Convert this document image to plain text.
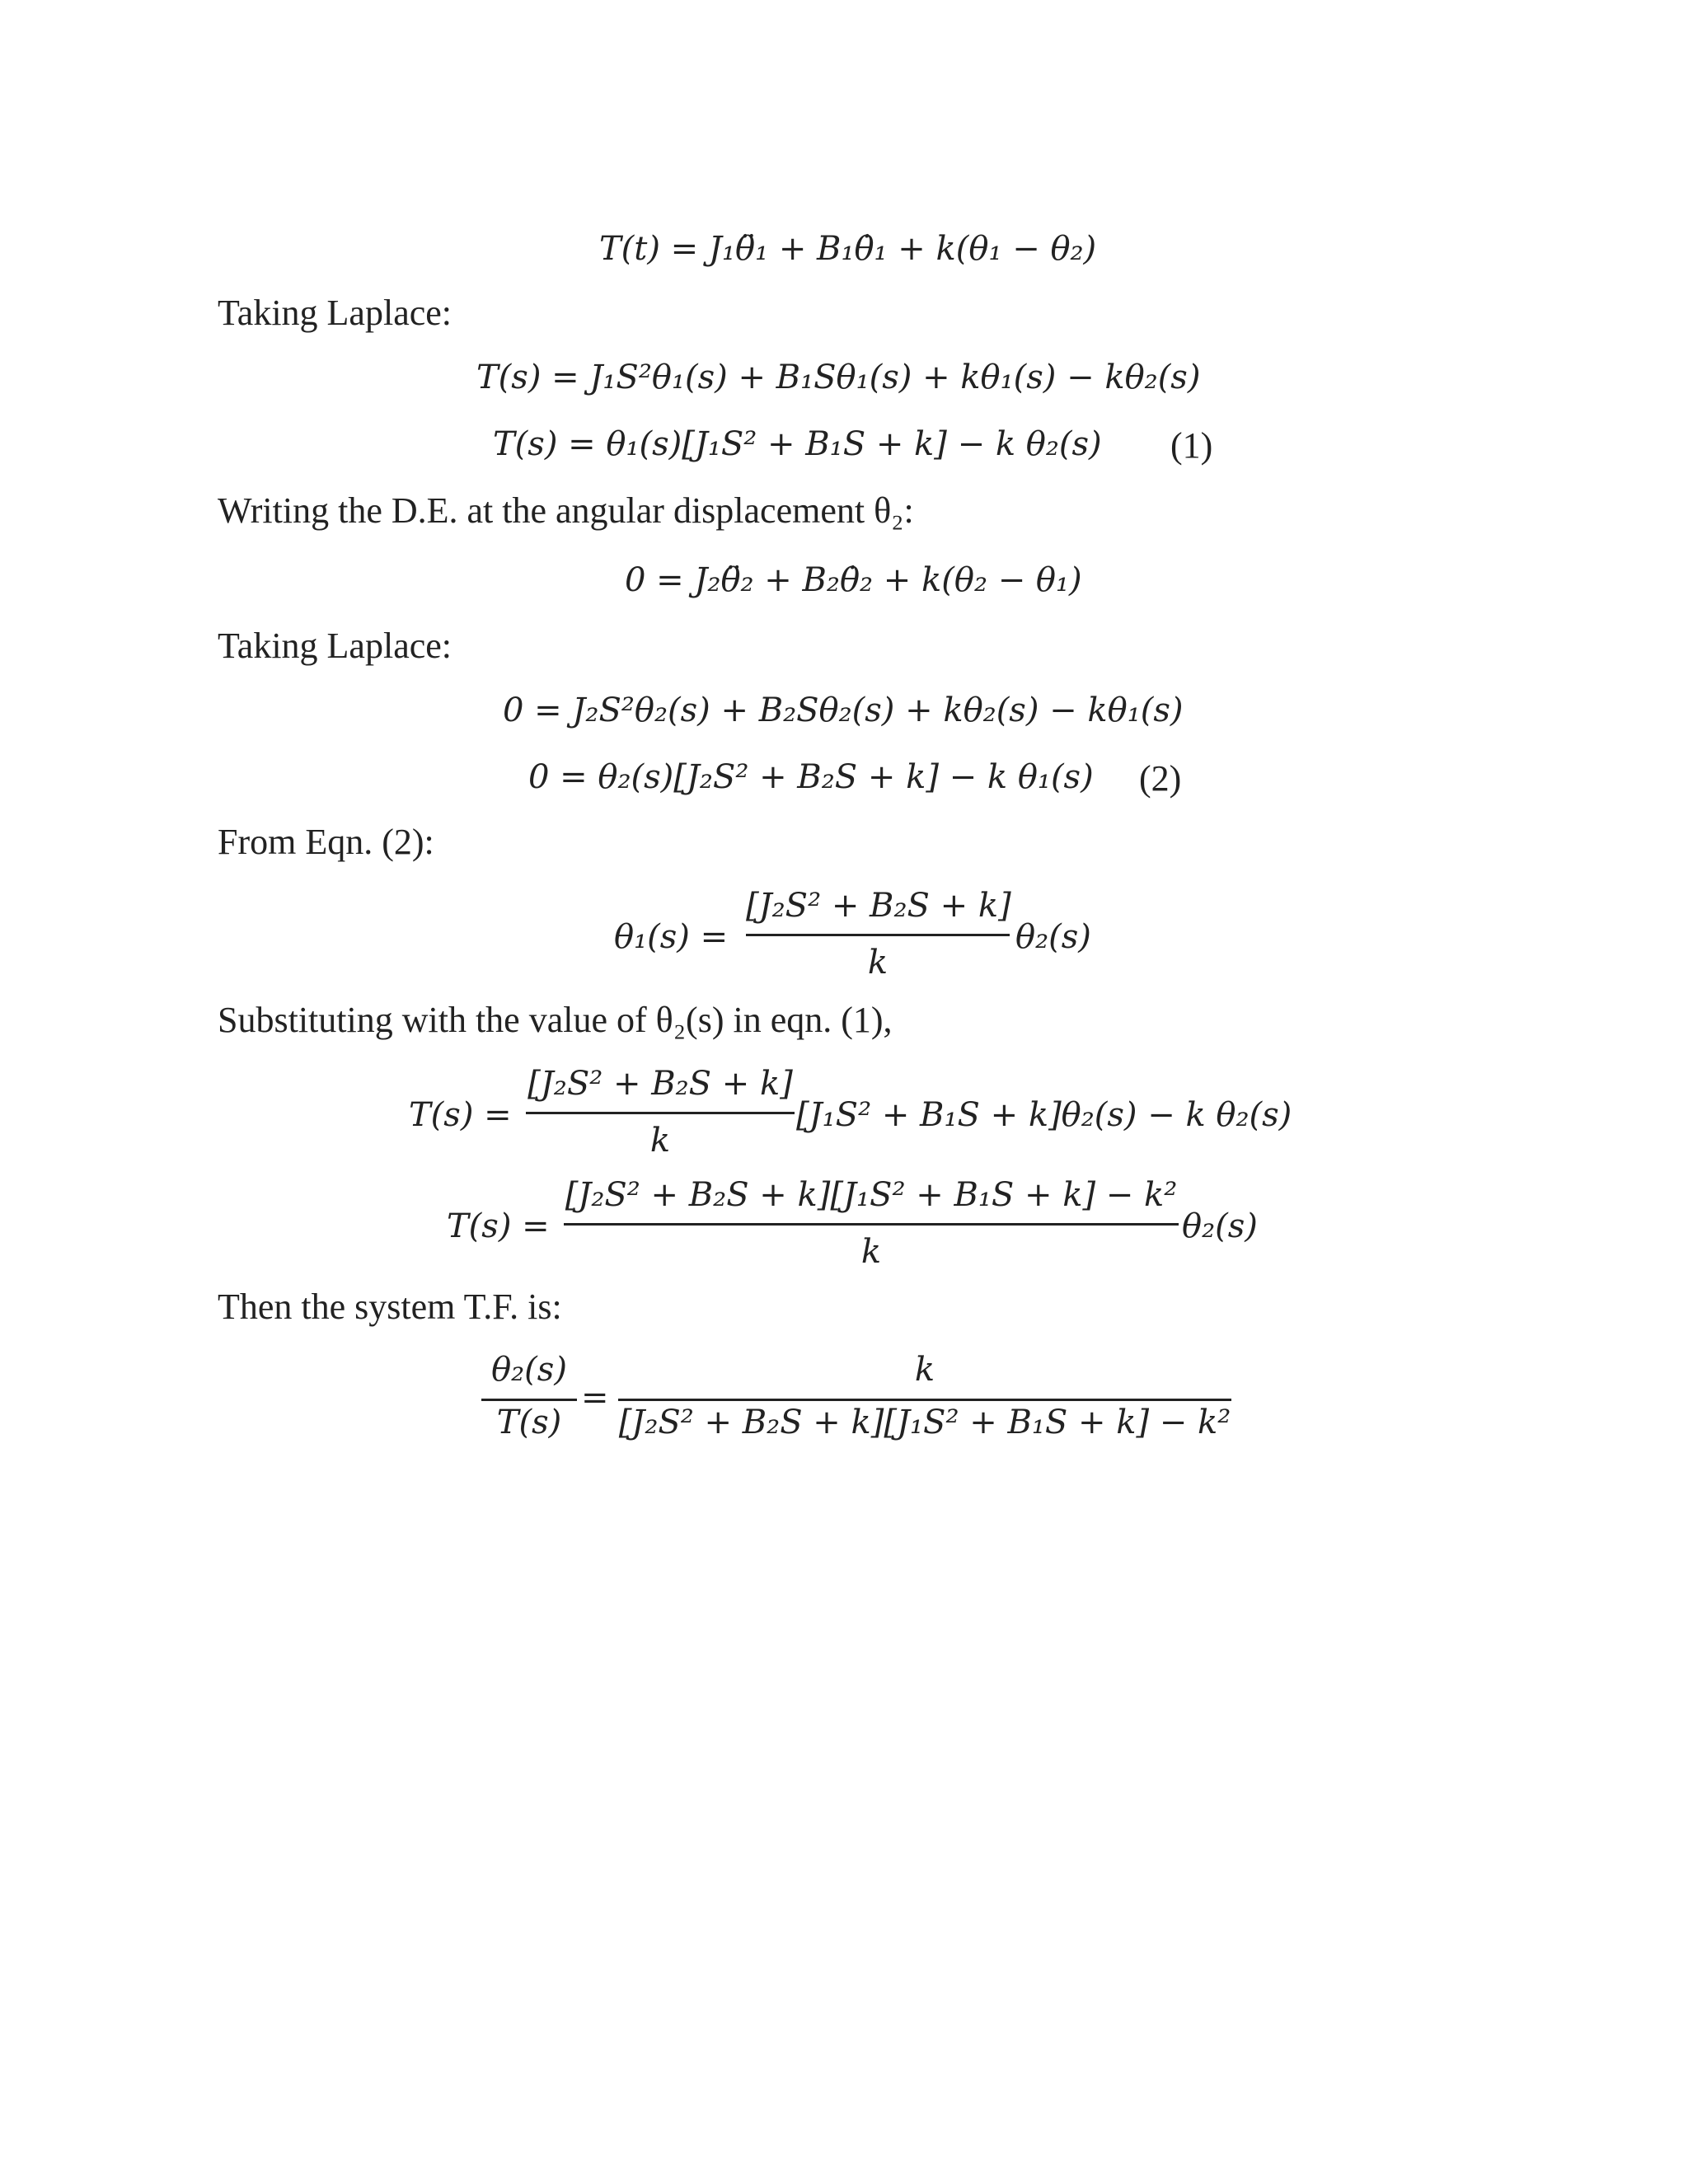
T(t) = J₁θ̈₁ + B₁θ̇₁ + k(θ₁ − θ₂)
Taking Laplace:
T(s) = J₁S²θ₁(s) + B₁Sθ₁(s) + kθ₁(s) − kθ₂(s)
T(s) = θ₁(s)[J₁S² + B₁S + k] − k θ₂(s) (1)
Writing the D.E. at the angular displacement θ₂:
0 = J₂θ̈₂ + B₂θ̇₂ + k(θ₂ − θ₁)
Taking Laplace:
0 = J₂S²θ₂(s) + B₂Sθ₂(s) + kθ₂(s) − kθ₁(s)
0 = θ₂(s)[J₂S² + B₂S + k] − k θ₁(s) (2)
From Eqn. (2):
θ₁(s) =
[J₂S² + B₂S + k]
k
θ₂(s)
Substituting with the value of θ₂(s) in eqn. (1),
T(s) =
[J₂S² + B₂S + k]
k
[J₁S² + B₁S + k]θ₂(s) − k θ₂(s)
T(s) =
[J₂S² + B₂S + k][J₁S² + B₁S + k] − k²
k
θ₂(s)
Then the system T.F. is:
θ₂(s)
T(s)
=
k
[J₂S² + B₂S + k][J₁S² + B₁S + k] − k²
